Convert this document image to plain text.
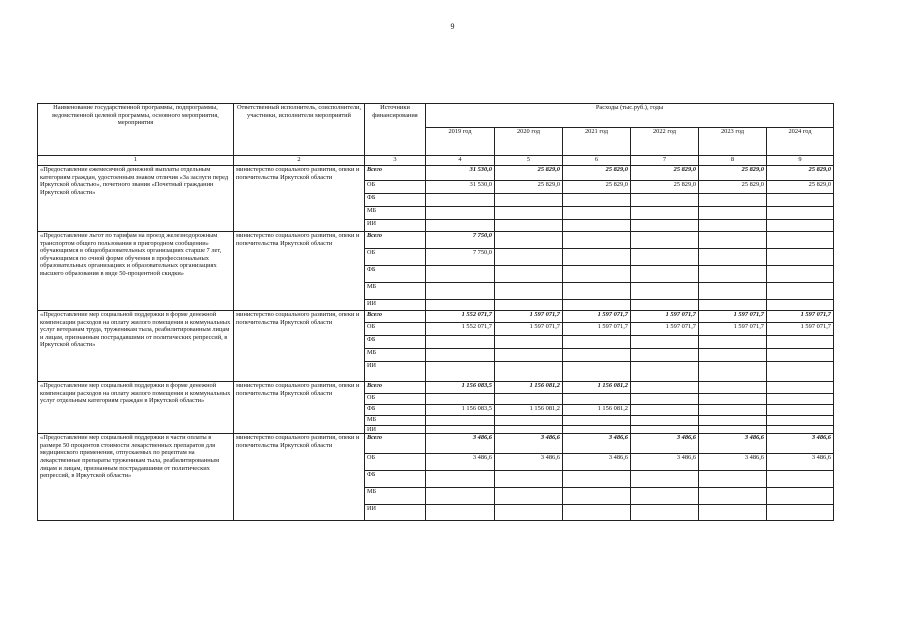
9
Наименование государственной программы, подпрограммы, ведомственной целевой программы, основного мероприятия, мероприятия	Ответственный исполнитель, соисполнители, участники, исполнители мероприятий	Источники финансирования	Расходы (тыс.руб.), годы					
			2019 год	2020 год	2021 год	2022 год	2023 год	2024 год
1	2	3	4	5	6	7	8	9
«Предоставление ежемесячной денежной выплаты отдельным категориям граждан, удостоенным знаком отличия «За заслуги перед Иркутской областью», почетного звания «Почетный гражданин Иркутской области»	министерство социального развития, опеки и попечительства Иркутской области	Всего	31 530,0	25 829,0	25 829,0	25 829,0	25 829,0	25 829,0
		ОБ	31 530,0	25 829,0	25 829,0	25 829,0	25 829,0	25 829,0
		ФБ						
		МБ						
		ИИ						
«Предоставление льгот по тарифам на проезд железнодорожным транспортом общего пользования в пригородном сообщении» обучающимся в общеобразовательных организациях старше 7 лет, обучающимся по очной форме обучения в профессиональных образовательных организациях и образовательных организациях высшего образования в виде 50-процентной скидки»	министерство социального развития, опеки и попечительства Иркутской области	Всего	7 750,0					
		ОБ	7 750,0					
		ФБ						
		МБ						
		ИИ						
«Предоставление мер социальной поддержки в форме денежной компенсации расходов на оплату жилого помещения и коммунальных услуг ветеранам труда, труженикам тыла, реабилитированным лицам и лицам, признанным пострадавшими от политических репрессий, в Иркутской области»	министерство социального развития, опеки и попечительства Иркутской области	Всего	1 552 071,7	1 597 071,7	1 597 071,7	1 597 071,7	1 597 071,7	1 597 071,7
		ОБ	1 552 071,7	1 597 071,7	1 597 071,7	1 597 071,7	1 597 071,7	1 597 071,7
		ФБ						
		МБ						
		ИИ						
«Предоставление мер социальной поддержки в форме денежной компенсации расходов на оплату жилого помещения и коммунальных услуг отдельным категориям граждан в Иркутской области»	министерство социального развития, опеки и попечительства Иркутской области	Всего	1 156 083,5	1 156 081,2	1 156 081,2			
		ОБ						
		ФБ	1 156 083,5	1 156 081,2	1 156 081,2			
		МБ						
		ИИ						
«Предоставление мер социальной поддержки в части оплаты в размере 50 процентов стоимости лекарственных препаратов для медицинского применения, отпускаемых по рецептам на лекарственные препараты труженикам тыла, реабилитированным лицам и лицам, признанным пострадавшими от политических репрессий, в Иркутской области»	министерство социального развития, опеки и попечительства Иркутской области	Всего	3 486,6	3 486,6	3 486,6	3 486,6	3 486,6	3 486,6
		ОБ	3 486,6	3 486,6	3 486,6	3 486,6	3 486,6	3 486,6
		ФБ						
		МБ						
		ИИ						
